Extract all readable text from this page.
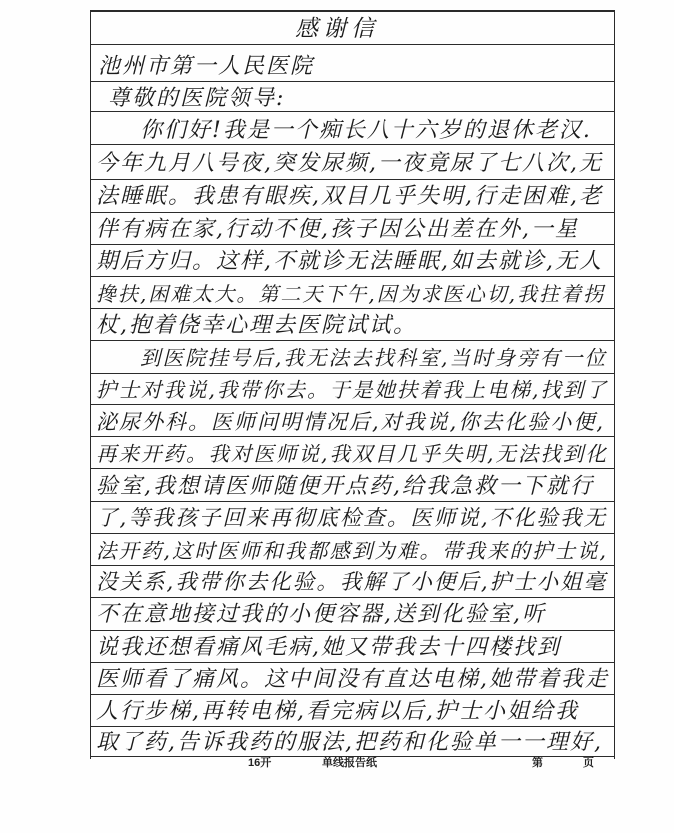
感谢信
池州市第一人民医院
尊敬的医院领导:
你们好!我是一个痴长八十六岁的退休老汉.
今年九月八号夜,突发尿频,一夜竟尿了七八次,无
法睡眠。我患有眼疾,双目几乎失明,行走困难,老
伴有病在家,行动不便,孩子因公出差在外,一星
期后方归。这样,不就诊无法睡眠,如去就诊,无人
搀扶,困难太大。第二天下午,因为求医心切,我拄着拐
杖,抱着侥幸心理去医院试试。
到医院挂号后,我无法去找科室,当时身旁有一位
护士对我说,我带你去。于是她扶着我上电梯,找到了
泌尿外科。医师问明情况后,对我说,你去化验小便,
再来开药。我对医师说,我双目几乎失明,无法找到化
验室,我想请医师随便开点药,给我急救一下就行
了,等我孩子回来再彻底检查。医师说,不化验我无
法开药,这时医师和我都感到为难。带我来的护士说,
没关系,我带你去化验。我解了小便后,护士小姐毫
不在意地接过我的小便容器,送到化验室,听
说我还想看痛风毛病,她又带我去十四楼找到
医师看了痛风。这中间没有直达电梯,她带着我走
人行步梯,再转电梯,看完病以后,护士小姐给我
取了药,告诉我药的服法,把药和化验单一一理好,
16开	单线报告纸	第	页
